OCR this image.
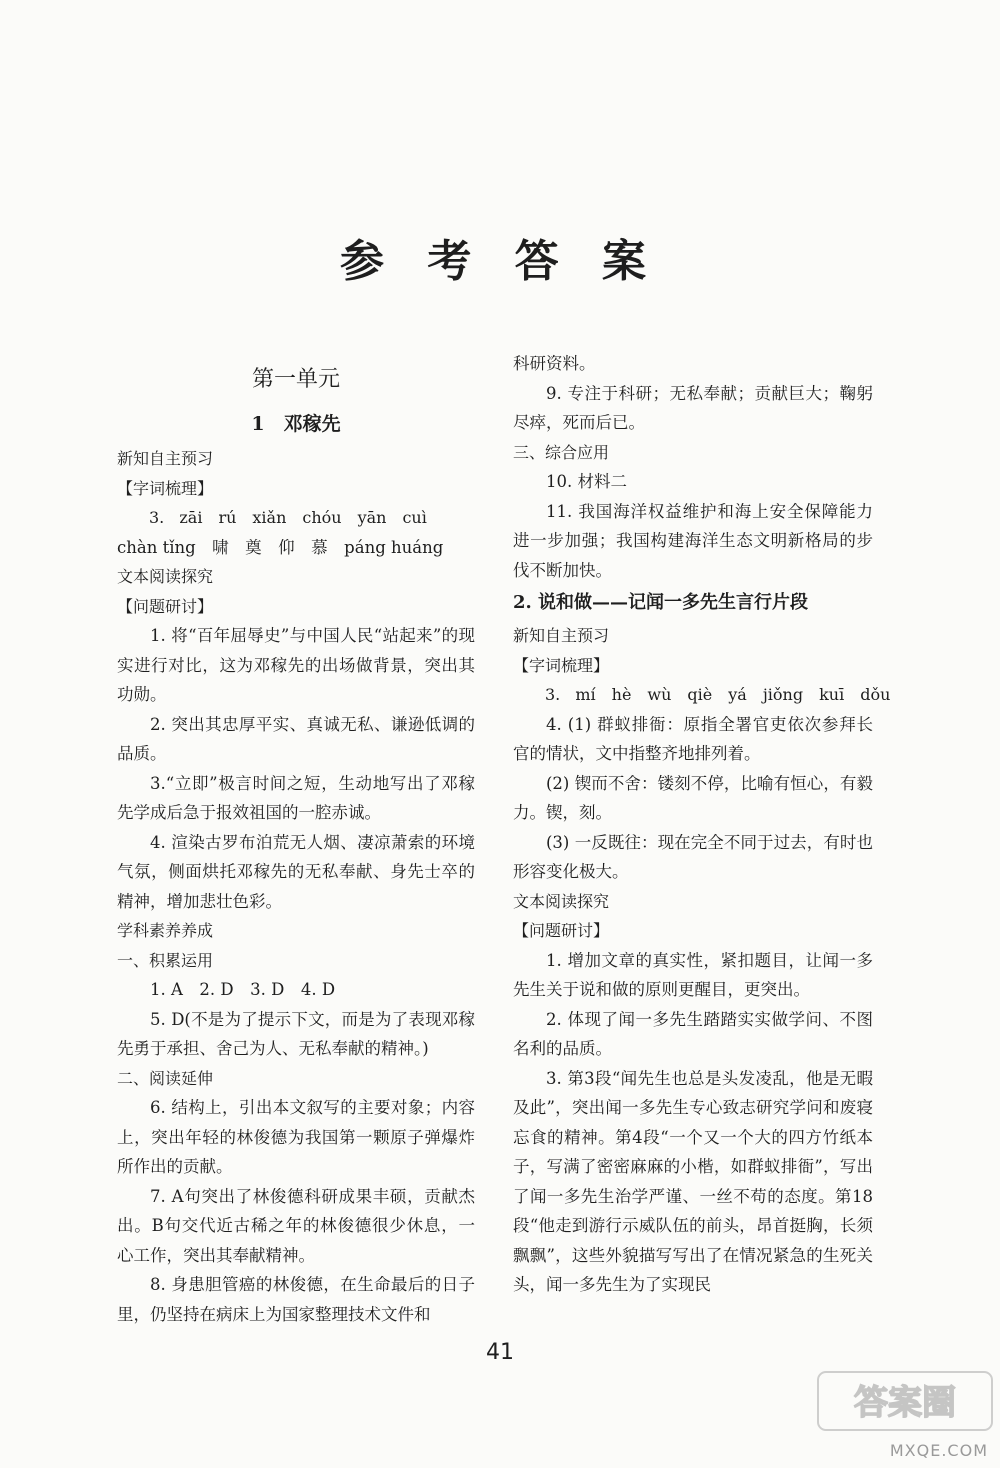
参 考 答 案
第一单元
1　邓稼先
新知自主预习
【字词梳理】
3. zāi　rú　xiǎn　chóu　yān　cuì
chàn tǐng　啸　奠　仰　慕　páng huáng
文本阅读探究
【问题研讨】
1. 将“百年屈辱史”与中国人民“站起来”的现实进行对比，这为邓稼先的出场做背景，突出其功勋。
2. 突出其忠厚平实、真诚无私、谦逊低调的品质。
3.“立即”极言时间之短，生动地写出了邓稼先学成后急于报效祖国的一腔赤诚。
4. 渲染古罗布泊荒无人烟、凄凉萧索的环境气氛，侧面烘托邓稼先的无私奉献、身先士卒的精神，增加悲壮色彩。
学科素养养成
一、积累运用
1. A　2. D　3. D　4. D
5. D(不是为了提示下文，而是为了表现邓稼先勇于承担、舍己为人、无私奉献的精神。)
二、阅读延伸
6. 结构上，引出本文叙写的主要对象；内容上，突出年轻的林俊德为我国第一颗原子弹爆炸所作出的贡献。
7. A句突出了林俊德科研成果丰硕，贡献杰出。B句交代近古稀之年的林俊德很少休息，一心工作，突出其奉献精神。
8. 身患胆管癌的林俊德，在生命最后的日子里，仍坚持在病床上为国家整理技术文件和
科研资料。
9. 专注于科研；无私奉献；贡献巨大；鞠躬尽瘁，死而后已。
三、综合应用
10. 材料二
11. 我国海洋权益维护和海上安全保障能力进一步加强；我国构建海洋生态文明新格局的步伐不断加快。
2. 说和做——记闻一多先生言行片段
新知自主预习
【字词梳理】
3. mí　hè　wù　qiè　yá　jiǒng　kuī　dǒu
4. (1) 群蚁排衙：原指全署官吏依次参拜长官的情状，文中指整齐地排列着。
(2) 锲而不舍：镂刻不停，比喻有恒心，有毅力。锲，刻。
(3) 一反既往：现在完全不同于过去，有时也形容变化极大。
文本阅读探究
【问题研讨】
1. 增加文章的真实性，紧扣题目，让闻一多先生关于说和做的原则更醒目，更突出。
2. 体现了闻一多先生踏踏实实做学问、不图名利的品质。
3. 第3段“闻先生也总是头发凌乱，他是无暇及此”，突出闻一多先生专心致志研究学问和废寝忘食的精神。第4段“一个又一个大的四方竹纸本子，写满了密密麻麻的小楷，如群蚁排衙”，写出了闻一多先生治学严谨、一丝不苟的态度。第18段“他走到游行示威队伍的前头，昂首挺胸，长须飘飘”，这些外貌描写写出了在情况紧急的生死关头，闻一多先生为了实现民
41
答案圈
MXQE.COM
